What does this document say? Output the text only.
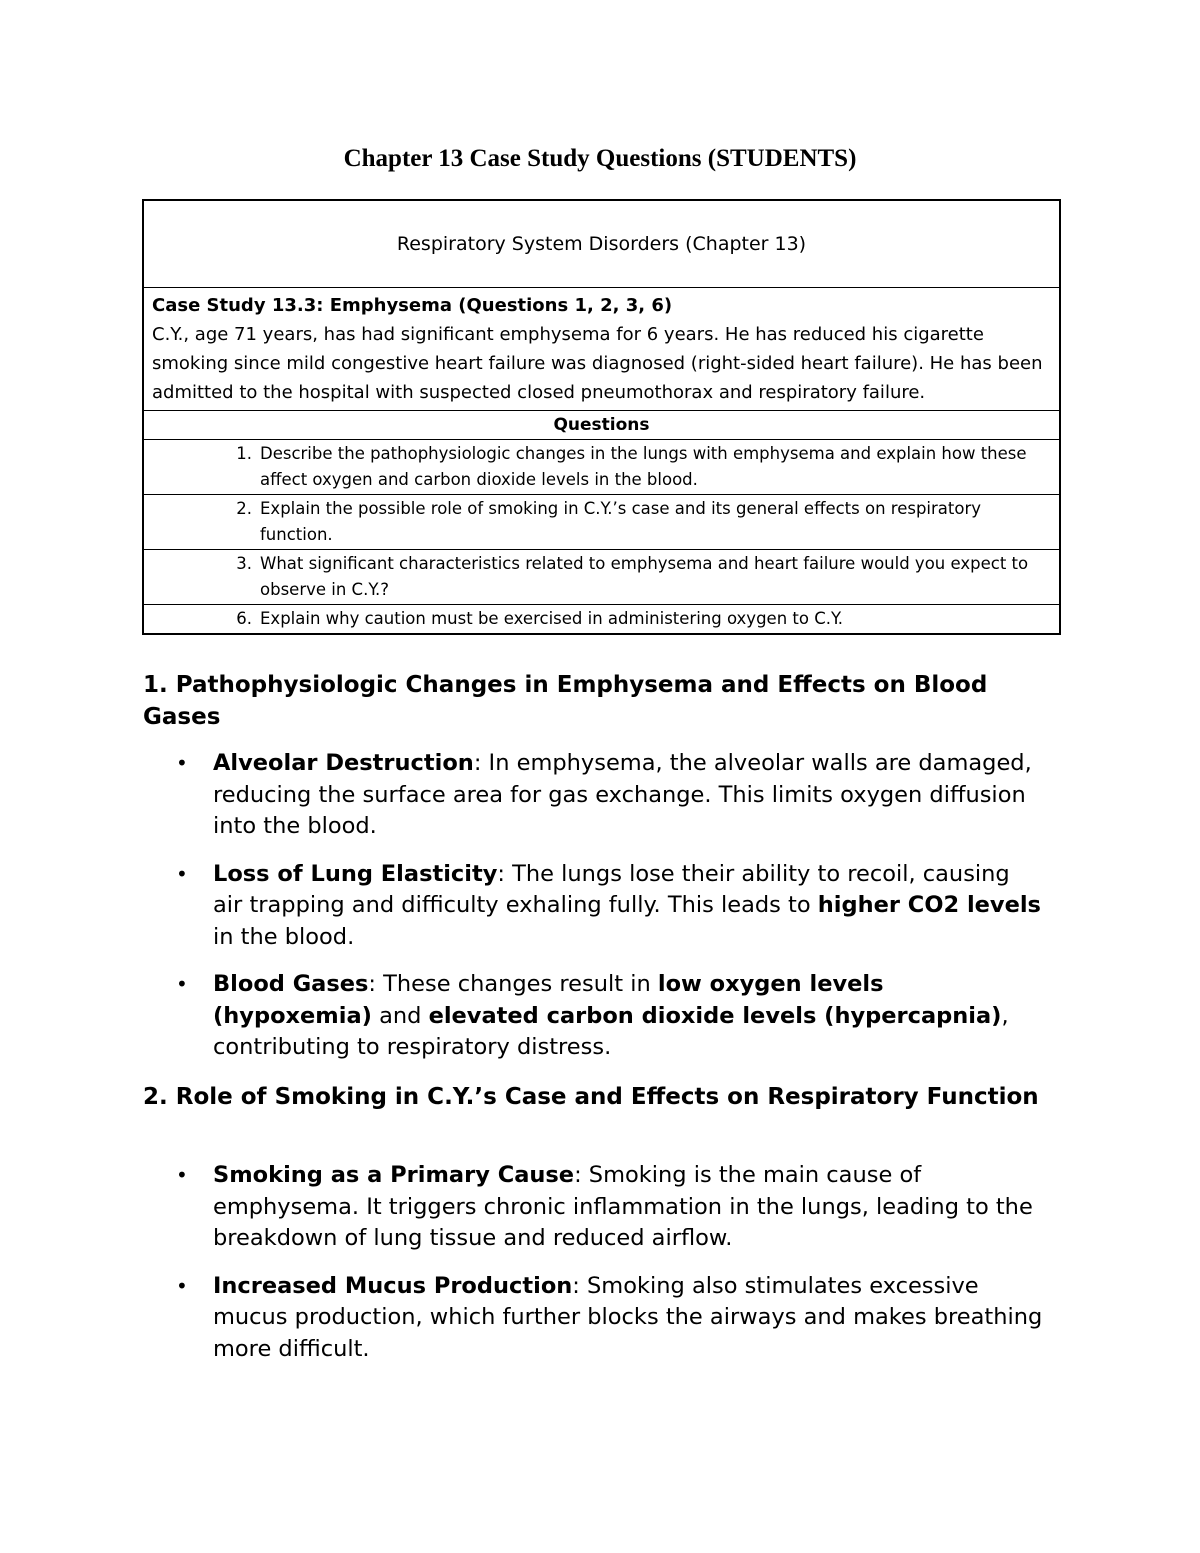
Chapter 13 Case Study Questions (STUDENTS)
Respiratory System Disorders (Chapter 13)

Case Study 13.3: Emphysema (Questions 1, 2, 3, 6)
C.Y., age 71 years, has had significant emphysema for 6 years. He has reduced his cigarette smoking since mild congestive heart failure was diagnosed (right-sided heart failure). He has been admitted to the hospital with suspected closed pneumothorax and respiratory failure.

Questions

1. Describe the pathophysiologic changes in the lungs with emphysema and explain how these affect oxygen and carbon dioxide levels in the blood.

2. Explain the possible role of smoking in C.Y.’s case and its general effects on respiratory function.

3. What significant characteristics related to emphysema and heart failure would you expect to observe in C.Y.?

6. Explain why caution must be exercised in administering oxygen to C.Y.
1. Pathophysiologic Changes in Emphysema and Effects on Blood Gases
• Alveolar Destruction: In emphysema, the alveolar walls are damaged, reducing the surface area for gas exchange. This limits oxygen diffusion into the blood.
• Loss of Lung Elasticity: The lungs lose their ability to recoil, causing air trapping and difficulty exhaling fully. This leads to higher CO2 levels in the blood.
• Blood Gases: These changes result in low oxygen levels (hypoxemia) and elevated carbon dioxide levels (hypercapnia), contributing to respiratory distress.
2. Role of Smoking in C.Y.’s Case and Effects on Respiratory Function
• Smoking as a Primary Cause: Smoking is the main cause of emphysema. It triggers chronic inflammation in the lungs, leading to the breakdown of lung tissue and reduced airflow.
• Increased Mucus Production: Smoking also stimulates excessive mucus production, which further blocks the airways and makes breathing more difficult.
